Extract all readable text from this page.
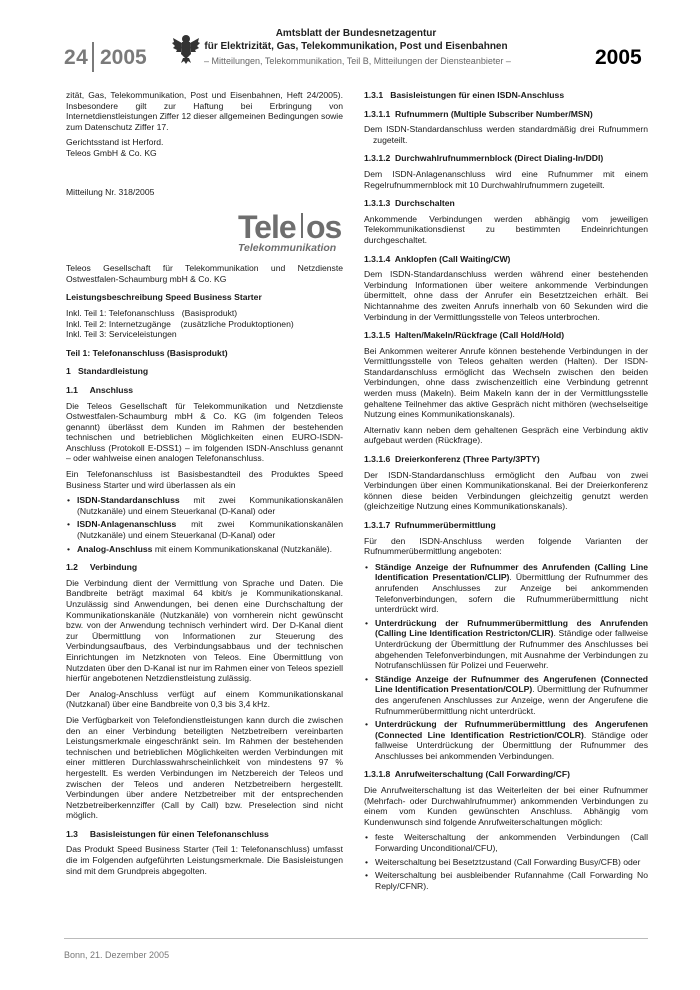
24 2005
Amtsblatt der Bundesnetzagentur
für Elektrizität, Gas, Telekommunikation, Post und Eisenbahnen
– Mitteilungen, Telekommunikation, Teil B, Mitteilungen der Diensteanbieter –	2005

zität, Gas, Telekommunikation, Post und Eisenbahnen, Heft 24/2005). Insbesondere gilt zur Haftung bei Erbringung von Internetdienstleistungen Ziffer 12 dieser allgemeinen Bedingungen sowie zum Datenschutz Ziffer 17.

Gerichtsstand ist Herford.
Teleos GmbH & Co. KG
Mitteilung Nr. 318/2005
Tele os
Telekommunikation

Teleos Gesellschaft für Telekommunikation und Netzdienste Ostwestfalen-Schaumburg mbH & Co. KG

Leistungsbeschreibung Speed Business Starter
Inkl. Teil 1: Telefonanschluss   (Basisprodukt)
Inkl. Teil 2: Internetzugänge    (zusätzliche Produktoptionen)
Inkl. Teil 3: Serviceleistungen
Teil 1: Telefonanschluss (Basisprodukt)
1   Standardleistung
1.1     Anschluss

Die Teleos Gesellschaft für Telekommunikation und Netzdienste Ostwestfalen-Schaumburg mbH & Co. KG (im folgenden Teleos genannt) überlässt dem Kunden im Rahmen der bestehenden technischen und betrieblichen Möglichkeiten einen EURO-ISDN-Anschluss (Protokoll E-DSS1) – im folgenden ISDN-Anschluss genannt – oder wahlweise einen analogen Telefonanschluss.

Ein Telefonanschluss ist Basisbestandteil des Produktes Speed Business Starter und wird überlassen als ein

• ISDN-Standardanschluss mit zwei Kommunikationskanälen (Nutzkanäle) und einem Steuerkanal (D-Kanal) oder
• ISDN-Anlagenanschluss mit zwei Kommunikationskanälen (Nutzkanäle) und einem Steuerkanal (D-Kanal) oder
• Analog-Anschluss mit einem Kommunikationskanal (Nutzkanäle).
1.2     Verbindung

Die Verbindung dient der Vermittlung von Sprache und Daten. Die Bandbreite beträgt maximal 64 kbit/s je Kommunikationskanal. Unzulässig sind Anwendungen, bei denen eine Durchschaltung der Kommunikationskanäle (Nutzkanäle) von vornherein nicht gewünscht bzw. von der Anwendung technisch verhindert wird. Der D-Kanal dient zur Übermittlung von Informationen zur Steuerung des Verbindungsaufbaus, des Verbindungsabbaus und der technischen Einrichtungen im Netzknoten von Teleos. Eine Übermittlung von Nutzdaten über den D-Kanal ist nur im Rahmen einer von Teleos speziell hierfür angebotenen Netzdienstleistung zulässig.

Der Analog-Anschluss verfügt auf einem Kommunikationskanal (Nutzkanal) über eine Bandbreite von 0,3 bis 3,4 kHz.

Die Verfügbarkeit von Telefondienstleistungen kann durch die zwischen den an einer Verbindung beteiligten Netzbetreibern vereinbarten Leistungsmerkmale eingeschränkt sein. Im Rahmen der bestehenden technischen und betrieblichen Möglichkeiten werden Verbindungen mit einer mittleren Durchlasswahrscheinlichkeit von mindestens 97 % hergestellt. Es werden Verbindungen im Netzbereich der Teleos und zwischen der Teleos und anderen Netzbetreibern hergestellt. Verbindungen über andere Netzbetreiber mit der entsprechenden Netzbetreiberkennziffer (Call by Call) bzw. Preselection sind nicht möglich.

1.3     Basisleistungen für einen Telefonanschluss

Das Produkt Speed Business Starter (Teil 1: Telefonanschluss) umfasst die im Folgenden aufgeführten Leistungsmerkmale. Die Basisleistungen sind mit dem Grundpreis abgegolten.

1.3.1   Basisleistungen für einen ISDN-Anschluss
1.3.1.1  Rufnummern (Multiple Subscriber Number/MSN)

Dem ISDN-Standardanschluss werden standardmäßig drei Rufnummern zugeteilt.

1.3.1.2  Durchwahlrufnummernblock (Direct Dialing-In/DDI)

Dem ISDN-Anlagenanschluss wird eine Rufnummer mit einem Regelrufnummernblock mit 10 Durchwahlrufnummern zugeteilt.

1.3.1.3  Durchschalten

Ankommende Verbindungen werden abhängig vom jeweiligen Telekommunikationsdienst zu bestimmten Endeinrichtungen durchgeschaltet.

1.3.1.4  Anklopfen (Call Waiting/CW)

Dem ISDN-Standardanschluss werden während einer bestehenden Verbindung Informationen über weitere ankommende Verbindungen übermittelt, ohne dass der Anrufer ein Besetztzeichen erhält. Bei Nichtannahme des zweiten Anrufs innerhalb von 60 Sekunden wird die Verbindung in der Vermittlungsstelle von Teleos unterbrochen.

1.3.1.5  Halten/Makeln/Rückfrage (Call Hold/Hold)

Bei Ankommen weiterer Anrufe können bestehende Verbindungen in der Vermittlungsstelle von Teleos gehalten werden (Halten). Der ISDN-Standardanschluss ermöglicht das Wechseln zwischen den beiden Verbindungen, ohne dass zwischenzeitlich eine Verbindung getrennt werden muss (Makeln). Beim Makeln kann der in der Vermittlungsstelle gehaltene Teilnehmer das aktive Gespräch nicht mithören (wechselseitige Nutzung eines Kommunikationskanals).

Alternativ kann neben dem gehaltenen Gespräch eine Verbindung aktiv aufgebaut werden (Rückfrage).

1.3.1.6  Dreierkonferenz (Three Party/3PTY)

Der ISDN-Standardanschluss ermöglicht den Aufbau von zwei Verbindungen über einen Kommunikationskanal. Bei der Dreierkonferenz können diese beiden Verbindungen gleichzeitig genutzt werden (gleichzeitige Nutzung eines Kommunikationskanals).

1.3.1.7  Rufnummerübermittlung

Für den ISDN-Anschluss werden folgende Varianten der Rufnummerübermittlung angeboten:

• Ständige Anzeige der Rufnummer des Anrufenden (Calling Line Identification Presentation/CLIP). Übermittlung der Rufnummer des anrufenden Anschlusses zur Anzeige bei ankommenden Telefonverbindungen, sofern die Rufnummerübermittlung nicht unterdrückt wird.
• Unterdrückung der Rufnummerübermittlung des Anrufenden (Calling Line Identification Restricton/CLIR). Ständige oder fallweise Unterdrückung der Übermittlung der Rufnummer des Anschlusses bei abgehenden Telefonverbindungen, mit Ausnahme der Verbindungen zu Notrufanschlüssen für Polizei und Feuerwehr.
• Ständige Anzeige der Rufnummer des Angerufenen (Connected Line Identification Presentation/COLP). Übermittlung der Rufnummer des angerufenen Anschlusses zur Anzeige, wenn der Angerufene die Rufnummerübermittlung nicht unterdrückt.
• Unterdrückung der Rufnummerübermittlung des Angerufenen (Connected Line Identification Restriction/COLR). Ständige oder fallweise Unterdrückung der Übermittlung der Rufnummer des Anschlusses bei ankommenden Verbindungen.
1.3.1.8  Anrufweiterschaltung (Call Forwarding/CF)

Die Anrufweiterschaltung ist das Weiterleiten der bei einer Rufnummer (Mehrfach- oder Durchwahlrufnummer) ankommenden Verbindungen zu einem vom Kunden gewünschten Anschluss. Abhängig vom Kundenwunsch sind folgende Anrufweiterschaltungen möglich:

• feste Weiterschaltung der ankommenden Verbindungen (Call Forwarding Unconditional/CFU),
• Weiterschaltung bei Besetztzustand (Call Forwarding Busy/CFB) oder
• Weiterschaltung bei ausbleibender Rufannahme (Call Forwarding No Reply/CFNR).
Bonn, 21. Dezember 2005
